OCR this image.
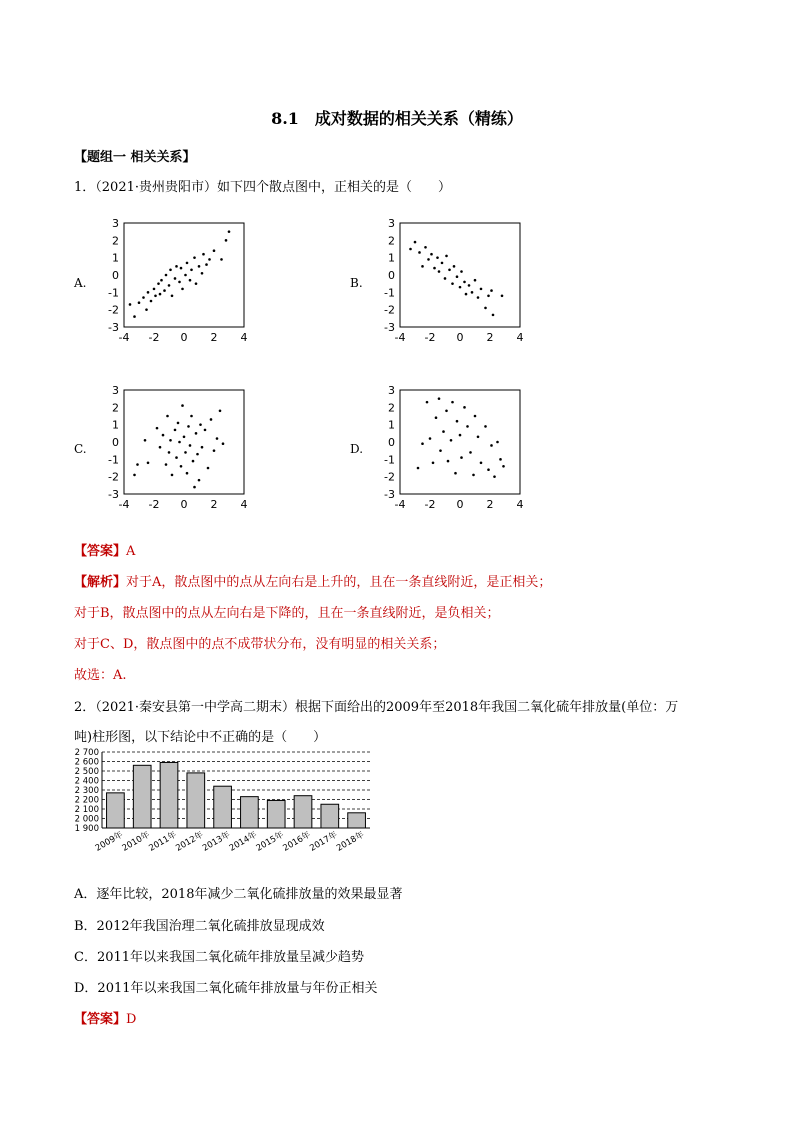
8.1　成对数据的相关关系（精练）
【题组一 相关关系】
1．（2021·贵州贵阳市）如下四个散点图中，正相关的是（　　）
A.	B.
C.	D.
3
2
1
0
-1
-2
-3
-4 -2 0 2 4
3
2
1
0
-1
-2
-3
-4 -2 0 2 4
3
2
1
0
-1
-2
-3
-4 -2 0 2 4
3
2
1
0
-1
-2
-3
-4 -2 0 2 4
【答案】A
【解析】对于A，散点图中的点从左向右是上升的，且在一条直线附近，是正相关；
对于B，散点图中的点从左向右是下降的，且在一条直线附近，是负相关；
对于C、D，散点图中的点不成带状分布，没有明显的相关关系；
故选：A.
2．（2021·秦安县第一中学高二期末）根据下面给出的2009年至2018年我国二氧化硫年排放量(单位：万
吨)柱形图，以下结论中不正确的是（　　）
2 700
2 600
2 500
2 400
2 300
2 200
2 100
2 000
1 900
2009年
2010年
2011年
2012年
2013年
2014年
2015年
2016年
2017年
2018年
A．逐年比较，2018年减少二氧化硫排放量的效果最显著
B．2012年我国治理二氧化硫排放显现成效
C．2011年以来我国二氧化硫年排放量呈减少趋势
D．2011年以来我国二氧化硫年排放量与年份正相关
【答案】D
